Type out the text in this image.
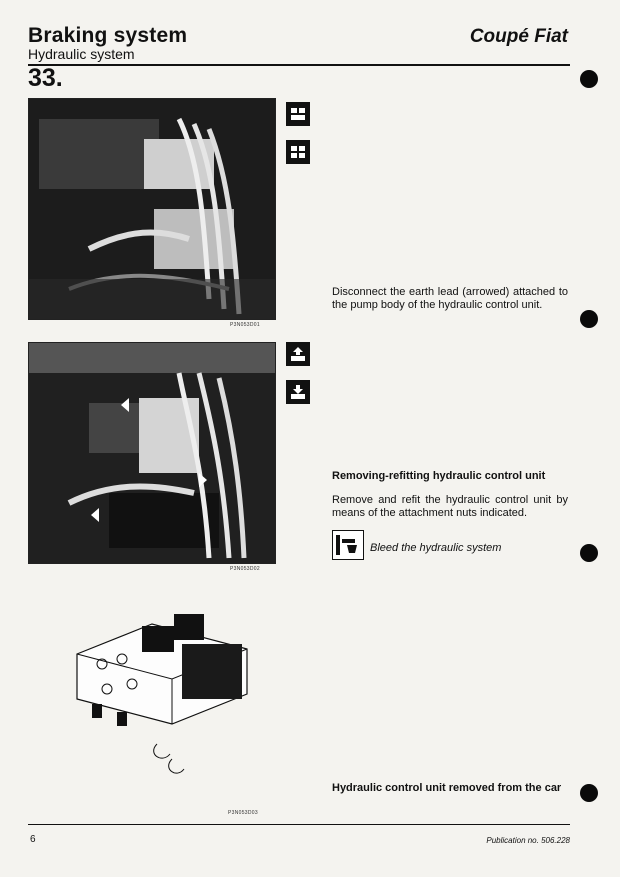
Braking system
Hydraulic system
Coupé Fiat
33.
P3N053D01
Disconnect the earth lead (arrowed) attached to the pump body of the hydraulic control unit.
P3N053D02
Removing-refitting hydraulic control unit
Remove and refit the hydraulic control unit by means of the attachment nuts indicated.
Bleed the hydraulic system
P3N053D03
Hydraulic control unit removed from the car
6	Publication no. 506.228
